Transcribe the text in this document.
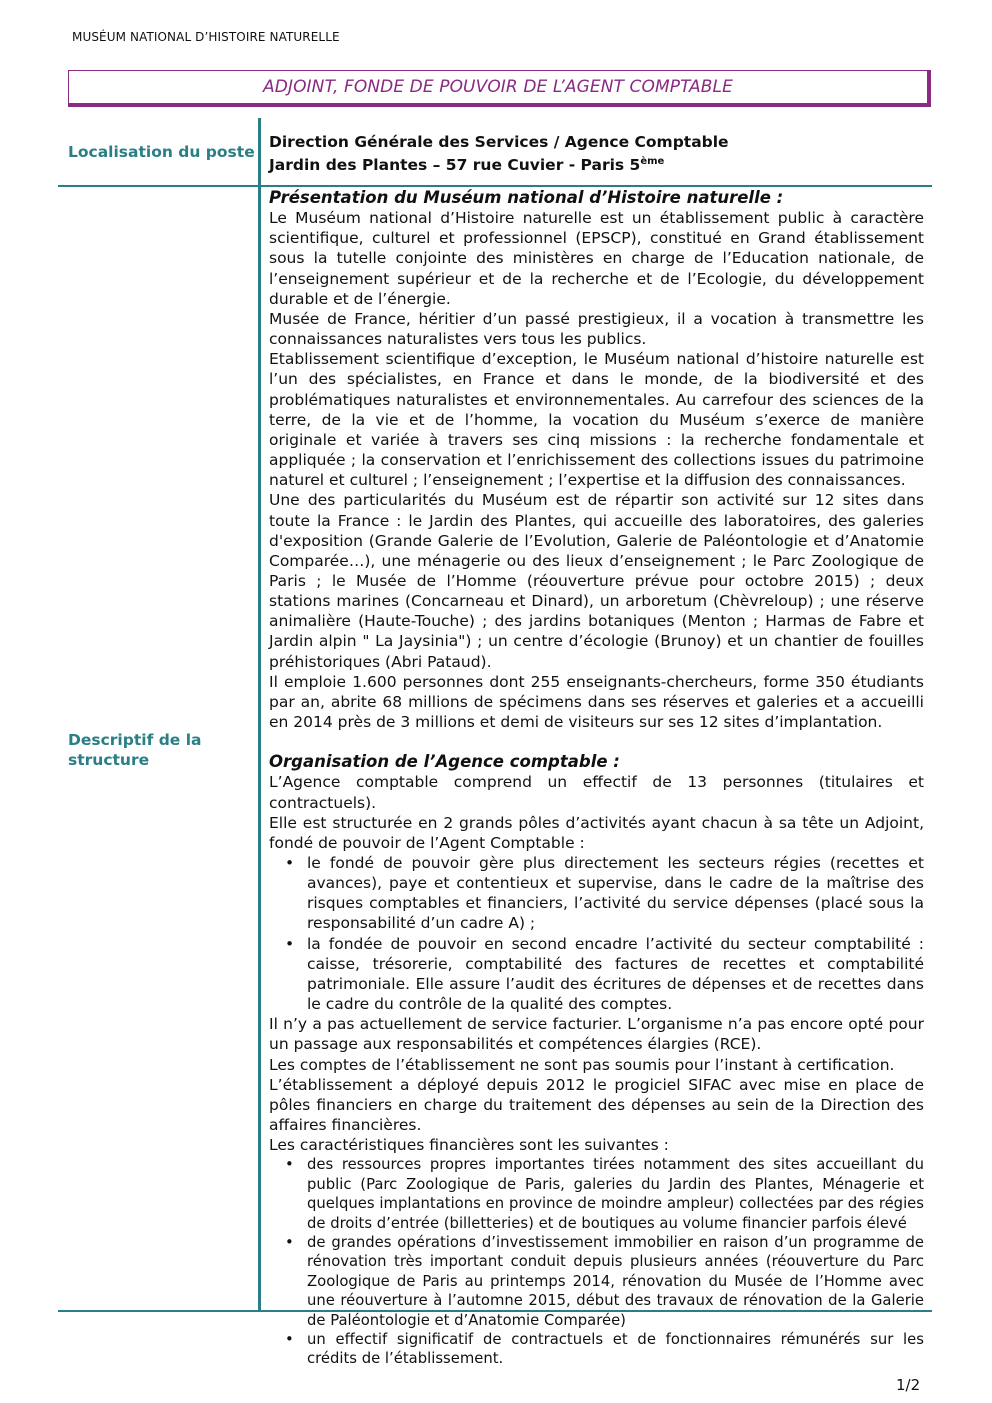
MUSÉUM NATIONAL D’HISTOIRE NATURELLE
ADJOINT, FONDE DE POUVOIR DE L’AGENT COMPTABLE
Localisation du poste
Direction Générale des Services / Agence Comptable
Jardin des Plantes – 57 rue Cuvier - Paris 5ème
Descriptif de la
structure

Présentation du Muséum national d’Histoire naturelle :

Le Muséum national d’Histoire naturelle est un établissement public à caractère scientifique, culturel et professionnel (EPSCP), constitué en Grand établissement sous la tutelle conjointe des ministères en charge de l’Education nationale, de l’enseignement supérieur et de la recherche et de l’Ecologie, du développement durable et de l’énergie.

Musée de France, héritier d’un passé prestigieux, il a vocation à transmettre les connaissances naturalistes vers tous les publics.

Etablissement scientifique d’exception, le Muséum national d’histoire naturelle est l’un des spécialistes, en France et dans le monde, de la biodiversité et des problématiques naturalistes et environnementales. Au carrefour des sciences de la terre, de la vie et de l’homme, la vocation du Muséum s’exerce de manière originale et variée à travers ses cinq missions : la recherche fondamentale et appliquée ; la conservation et l’enrichissement des collections issues du patrimoine naturel et culturel ; l’enseignement ; l’expertise et la diffusion des connaissances.

Une des particularités du Muséum est de répartir son activité sur 12 sites dans toute la France : le Jardin des Plantes, qui accueille des laboratoires, des galeries d'exposition (Grande Galerie de l’Evolution, Galerie de Paléontologie et d’Anatomie Comparée…), une ménagerie ou des lieux d’enseignement ; le Parc Zoologique de Paris ; le Musée de l’Homme (réouverture prévue pour octobre 2015) ; deux stations marines (Concarneau et Dinard), un arboretum (Chèvreloup) ; une réserve animalière (Haute-Touche) ; des jardins botaniques (Menton ; Harmas de Fabre et Jardin alpin " La Jaysinia") ; un centre d’écologie (Brunoy) et un chantier de fouilles préhistoriques (Abri Pataud).

Il emploie 1.600 personnes dont 255 enseignants-chercheurs, forme 350 étudiants par an, abrite 68 millions de spécimens dans ses réserves et galeries et a accueilli en 2014 près de 3 millions et demi de visiteurs sur ses 12 sites d’implantation.

Organisation de l’Agence comptable :

L’Agence comptable comprend un effectif de 13 personnes (titulaires et contractuels).

Elle est structurée en 2 grands pôles d’activités ayant chacun à sa tête un Adjoint, fondé de pouvoir de l’Agent Comptable :

• le fondé de pouvoir gère plus directement les secteurs régies (recettes et avances), paye et contentieux et supervise, dans le cadre de la maîtrise des risques comptables et financiers, l’activité du service dépenses (placé sous la responsabilité d’un cadre A) ;
• la fondée de pouvoir en second encadre l’activité du secteur comptabilité : caisse, trésorerie, comptabilité des factures de recettes et comptabilité patrimoniale. Elle assure l’audit des écritures de dépenses et de recettes dans le cadre du contrôle de la qualité des comptes.

Il n’y a pas actuellement de service facturier. L’organisme n’a pas encore opté pour un passage aux responsabilités et compétences élargies (RCE).

Les comptes de l’établissement ne sont pas soumis pour l’instant à certification.

L’établissement a déployé depuis 2012 le progiciel SIFAC avec mise en place de pôles financiers en charge du traitement des dépenses au sein de la Direction des affaires financières.

Les caractéristiques financières sont les suivantes :

• des ressources propres importantes tirées notamment des sites accueillant du public (Parc Zoologique de Paris, galeries du Jardin des Plantes, Ménagerie et quelques implantations en province de moindre ampleur) collectées par des régies de droits d’entrée (billetteries) et de boutiques au volume financier parfois élevé
• de grandes opérations d’investissement immobilier en raison d’un programme de rénovation très important conduit depuis plusieurs années (réouverture du Parc Zoologique de Paris au printemps 2014, rénovation du Musée de l’Homme avec une réouverture à l’automne 2015, début des travaux de rénovation de la Galerie de Paléontologie et d’Anatomie Comparée)
• un effectif significatif de contractuels et de fonctionnaires rémunérés sur les crédits de l’établissement.
1/2
